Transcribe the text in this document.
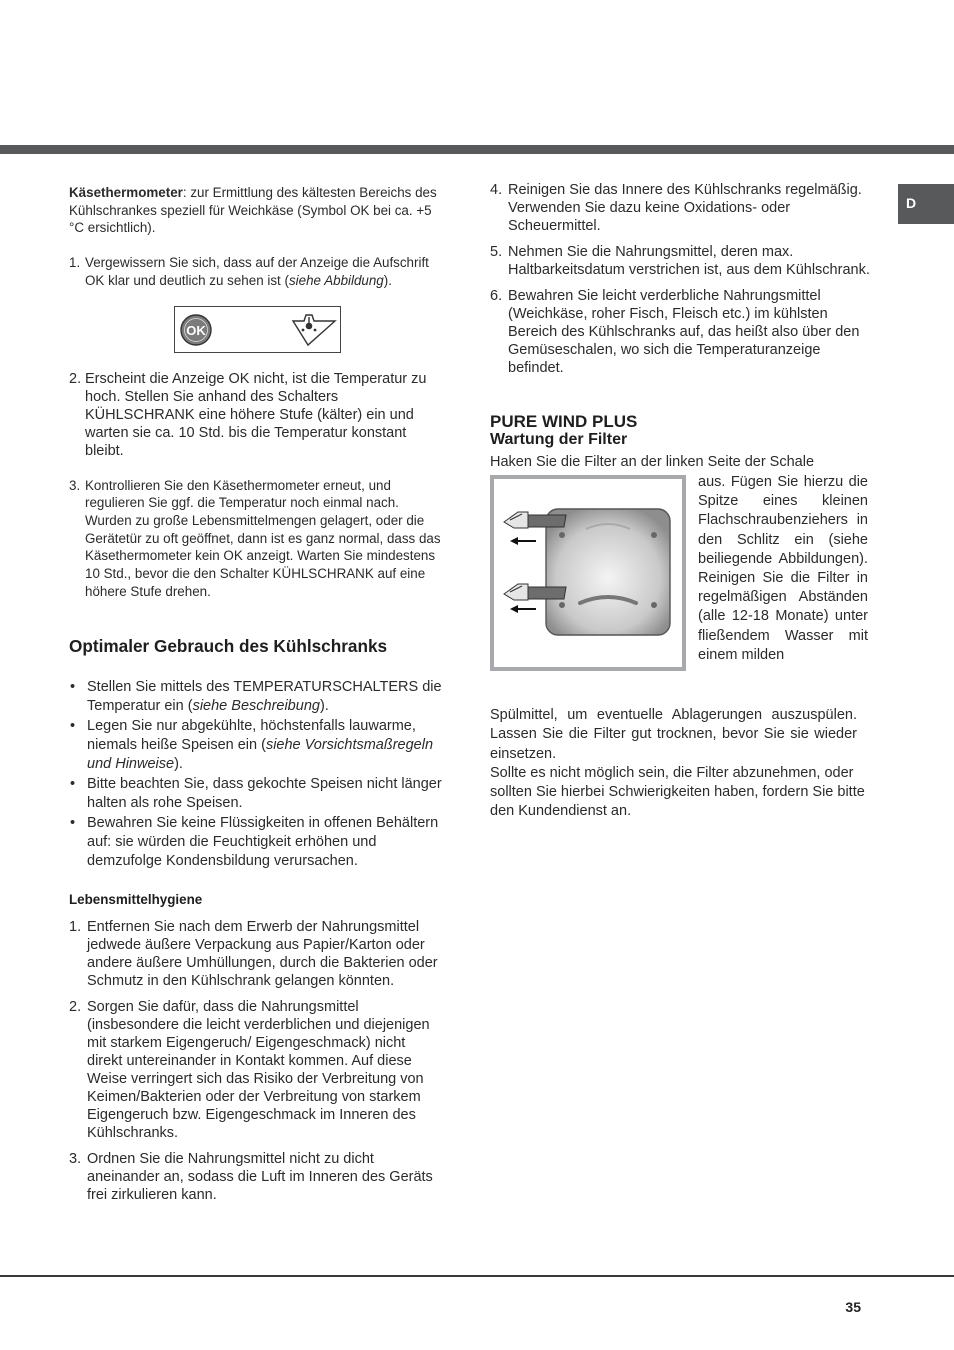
D

Käsethermometer: zur Ermittlung des kältesten Bereichs des Kühlschrankes speziell für Weichkäse (Symbol OK bei ca. +5 °C ersichtlich).

1. Vergewissern Sie sich, dass auf der Anzeige die Aufschrift OK klar und deutlich zu sehen ist (siehe Abbildung).
OK
2. Erscheint die Anzeige OK nicht, ist die Temperatur zu hoch. Stellen Sie anhand des Schalters KÜHLSCHRANK eine höhere Stufe (kälter) ein und warten sie ca. 10 Std. bis die Temperatur konstant bleibt.
3. Kontrollieren Sie den Käsethermometer erneut, und regulieren Sie ggf. die Temperatur noch einmal nach. Wurden zu große Lebensmittelmengen gelagert, oder die Gerätetür zu oft geöffnet, dann ist es ganz normal, dass das Käsethermometer kein OK anzeigt. Warten Sie mindestens 10 Std., bevor die den Schalter KÜHLSCHRANK auf eine höhere Stufe drehen.
Optimaler Gebrauch des Kühlschranks
• Stellen Sie mittels des TEMPERATURSCHALTERS die Temperatur ein (siehe Beschreibung).
• Legen Sie nur abgekühlte, höchstenfalls lauwarme, niemals heiße Speisen ein (siehe Vorsichtsmaßregeln und Hinweise).
• Bitte beachten Sie, dass gekochte Speisen nicht länger halten als rohe Speisen.
• Bewahren Sie keine Flüssigkeiten in offenen Behältern auf: sie würden die Feuchtigkeit erhöhen und demzufolge Kondensbildung verursachen.
Lebensmittelhygiene
1. Entfernen Sie nach dem Erwerb der Nahrungsmittel jedwede äußere Verpackung aus Papier/Karton oder andere äußere Umhüllungen, durch die Bakterien oder Schmutz in den Kühlschrank gelangen könnten.
2. Sorgen Sie dafür, dass die Nahrungsmittel (insbesondere die leicht verderblichen und diejenigen mit starkem Eigengeruch/ Eigengeschmack) nicht direkt untereinander in Kontakt kommen. Auf diese Weise verringert sich das Risiko der Verbreitung von Keimen/Bakterien oder der Verbreitung von starkem Eigengeruch bzw. Eigengeschmack im Inneren des Kühlschranks.
3. Ordnen Sie die Nahrungsmittel nicht zu dicht aneinander an, sodass die Luft im Inneren des Geräts frei zirkulieren kann.
4. Reinigen Sie das Innere des Kühlschranks regelmäßig. Verwenden Sie dazu keine Oxidations- oder Scheuermittel.
5. Nehmen Sie die Nahrungsmittel, deren max. Haltbarkeitsdatum verstrichen ist, aus dem Kühlschrank.
6. Bewahren Sie leicht verderbliche Nahrungsmittel (Weichkäse, roher Fisch, Fleisch etc.) im kühlsten Bereich des Kühlschranks auf, das heißt also über den Gemüseschalen, wo sich die Temperaturanzeige befindet.

PURE WIND PLUS

Wartung der Filter

Haken Sie die Filter an der linken Seite der Schale

aus. Fügen Sie hierzu die Spitze eines kleinen Flachschraubenziehers in den Schlitz ein (siehe beiliegende Abbildungen). Reinigen Sie die Filter in regelmäßigen Abständen (alle 12-18 Monate) unter fließendem Wasser mit einem milden

Spülmittel, um eventuelle Ablagerungen auszuspülen. Lassen Sie die Filter gut trocknen, bevor Sie sie wieder einsetzen.

Sollte es nicht möglich sein, die Filter abzunehmen, oder sollten Sie hierbei Schwierigkeiten haben, fordern Sie bitte den Kundendienst an.

35
